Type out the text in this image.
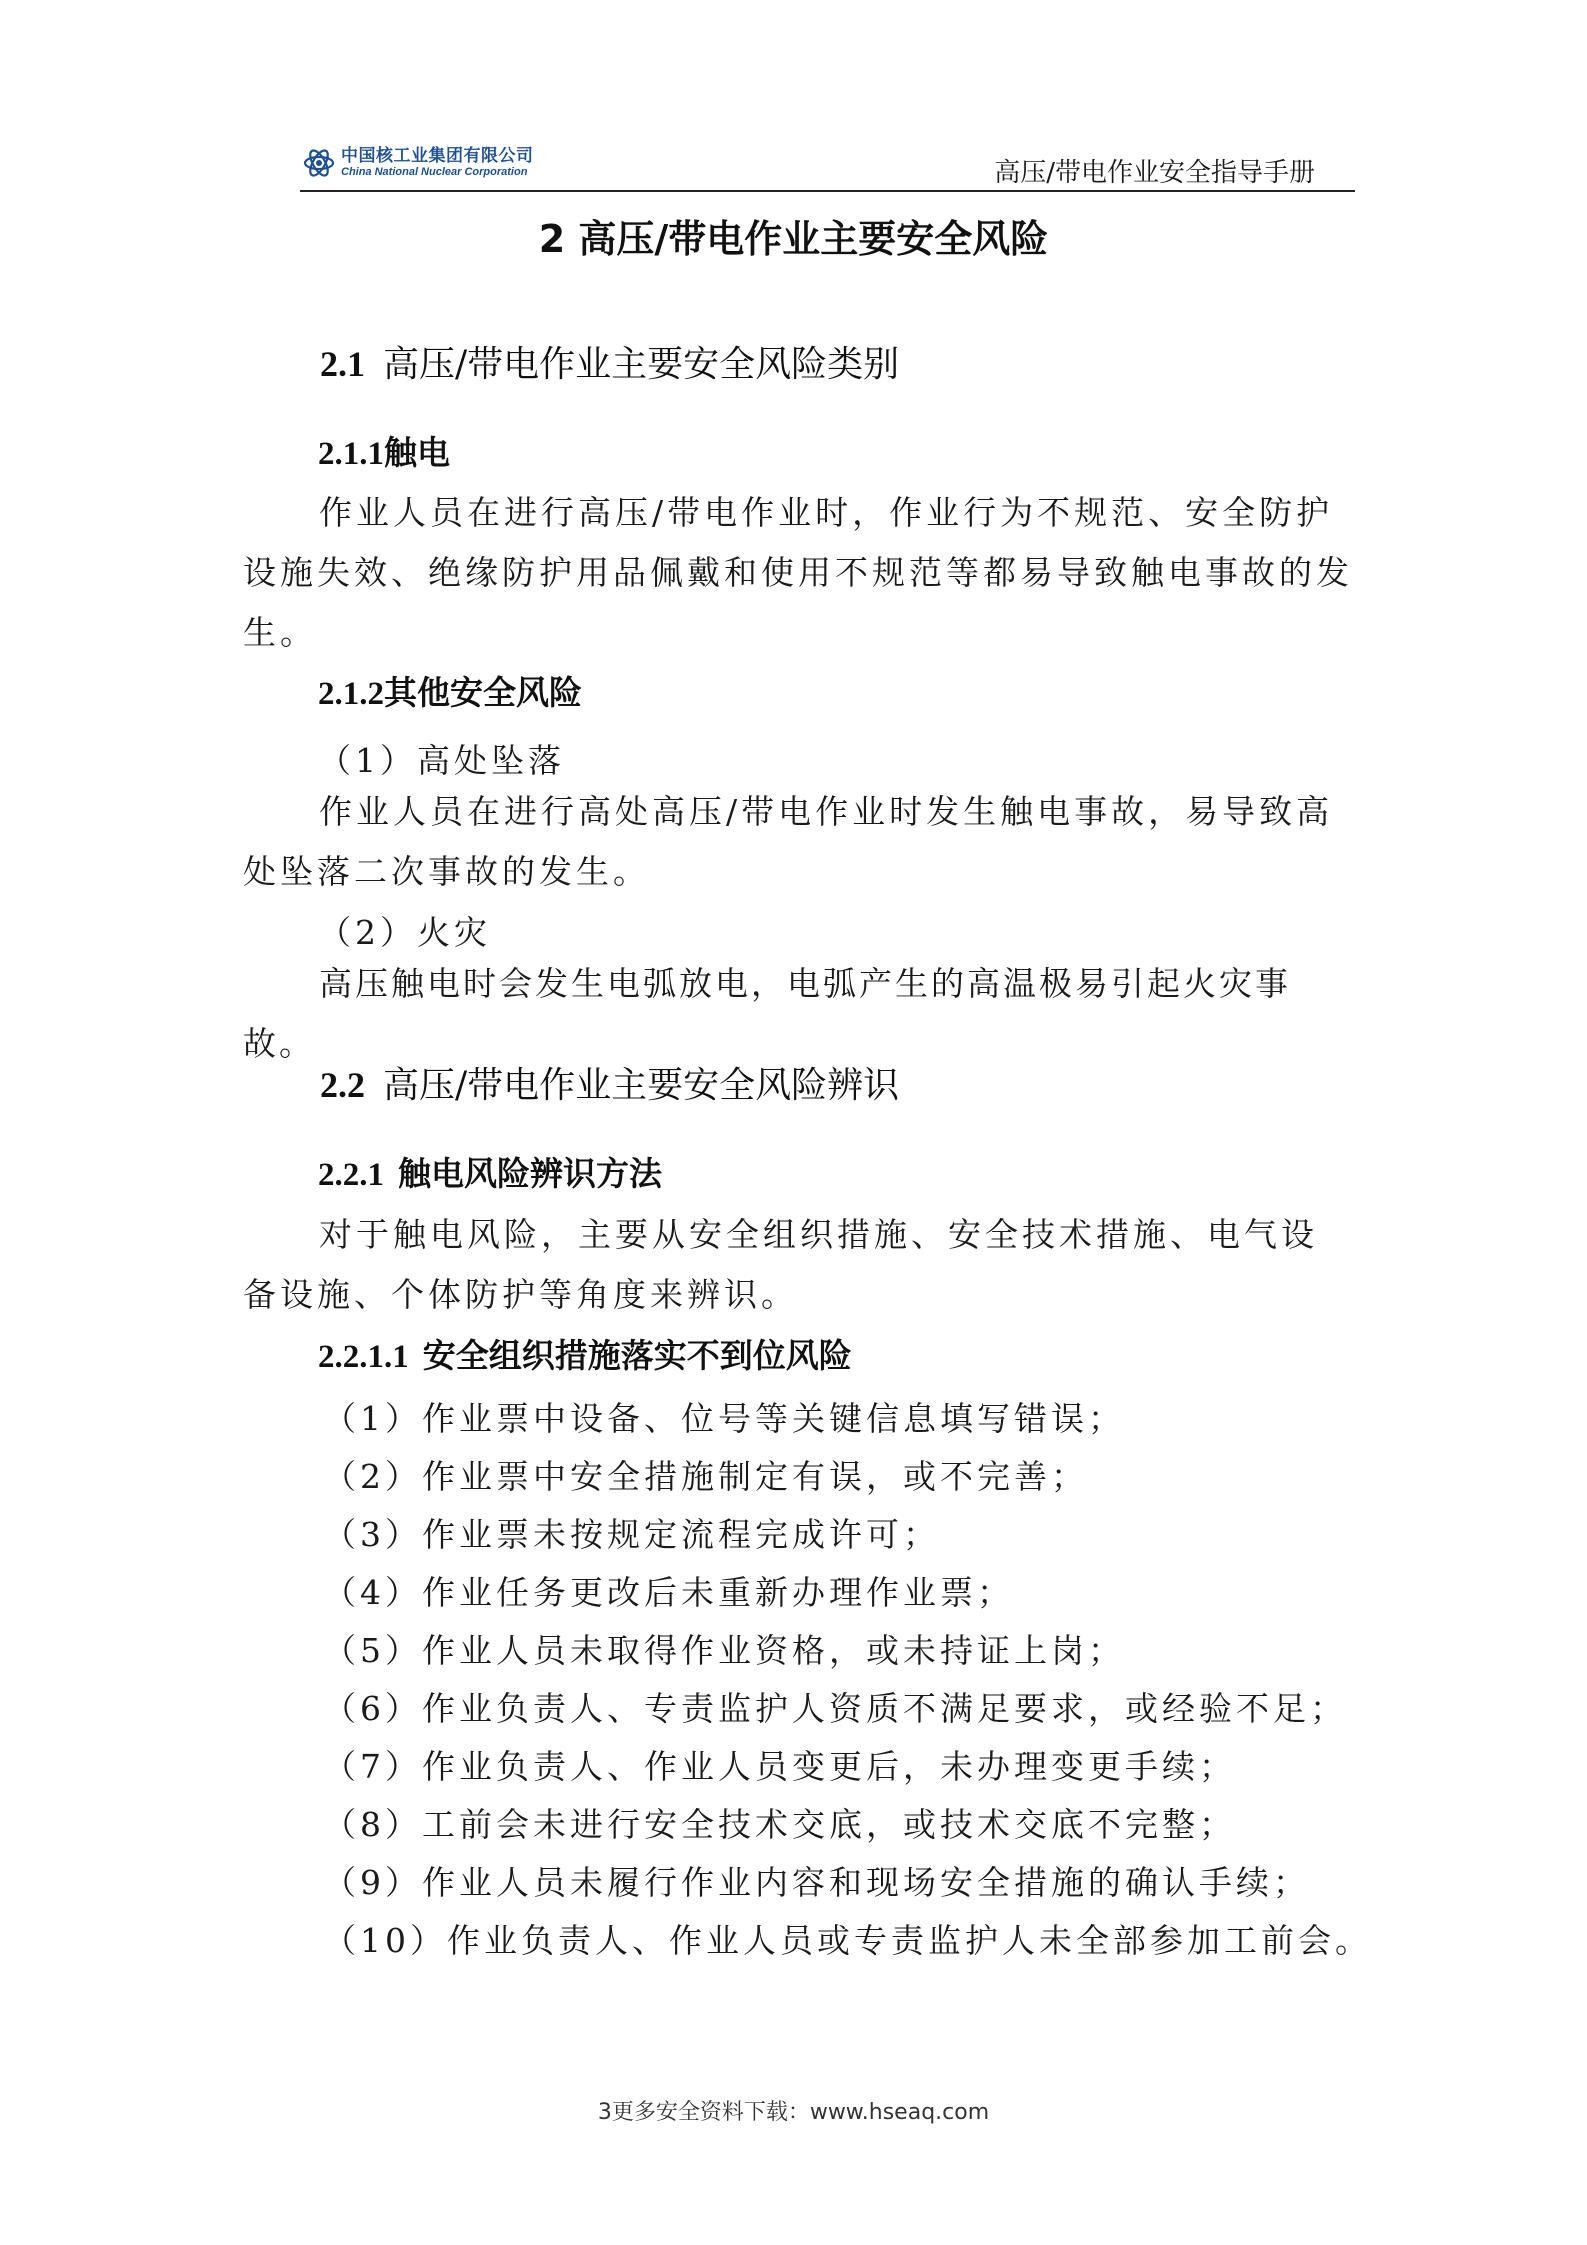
中国核工业集团有限公司
China National Nuclear Corporation	高压/带电作业安全指导手册
2 高压/带电作业主要安全风险
2.1 高压/带电作业主要安全风险类别
2.1.1触电
作业人员在进行高压/带电作业时，作业行为不规范、安全防护设施失效、绝缘防护用品佩戴和使用不规范等都易导致触电事故的发生。
2.1.2其他安全风险
（1）高处坠落
作业人员在进行高处高压/带电作业时发生触电事故，易导致高处坠落二次事故的发生。
（2）火灾
高压触电时会发生电弧放电，电弧产生的高温极易引起火灾事故。
2.2 高压/带电作业主要安全风险辨识
2.2.1 触电风险辨识方法
对于触电风险，主要从安全组织措施、安全技术措施、电气设备设施、个体防护等角度来辨识。
2.2.1.1 安全组织措施落实不到位风险
（1）作业票中设备、位号等关键信息填写错误；
（2）作业票中安全措施制定有误，或不完善；
（3）作业票未按规定流程完成许可；
（4）作业任务更改后未重新办理作业票；
（5）作业人员未取得作业资格，或未持证上岗；
（6）作业负责人、专责监护人资质不满足要求，或经验不足；
（7）作业负责人、作业人员变更后，未办理变更手续；
（8）工前会未进行安全技术交底，或技术交底不完整；
（9）作业人员未履行作业内容和现场安全措施的确认手续；
（10）作业负责人、作业人员或专责监护人未全部参加工前会。
3更多安全资料下载：www.hseaq.com
